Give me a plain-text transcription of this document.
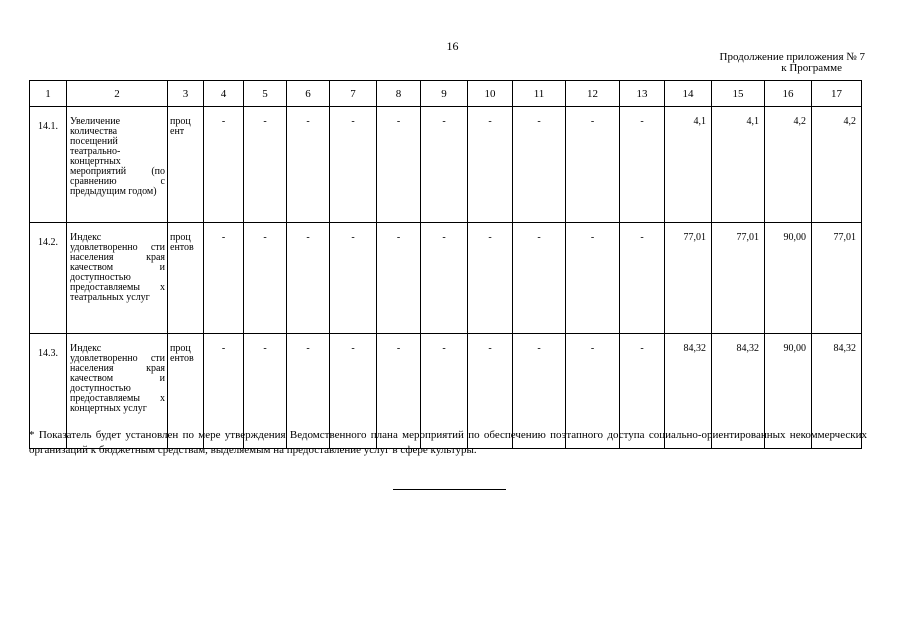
16
Продолжение приложения № 7
к Программе
1	2	3	4	5	6	7	8	9	10	11	12	13	14	15	16	17
14.1.	Увеличение количества посещений театрально-концертных мероприятий (по сравнению с предыдущим годом)	проц ент	-	-	-	-	-	-	-	-	-	-	4,1	4,1	4,2	4,2
14.2.	Индекс удовлетворенно сти населения края качеством и доступностью предоставляемы х театральных услуг	проц ентов	-	-	-	-	-	-	-	-	-	-	77,01	77,01	90,00	77,01
14.3.	Индекс удовлетворенно сти населения края качеством и доступностью предоставляемы х концертных услуг	проц ентов	-	-	-	-	-	-	-	-	-	-	84,32	84,32	90,00	84,32
* Показатель будет установлен по мере утверждения Ведомственного плана мероприятий по обеспечению поэтапного доступа социально-ориентированных некоммерческих организаций к бюджетным средствам, выделяемым на предоставление услуг в сфере культуры.
